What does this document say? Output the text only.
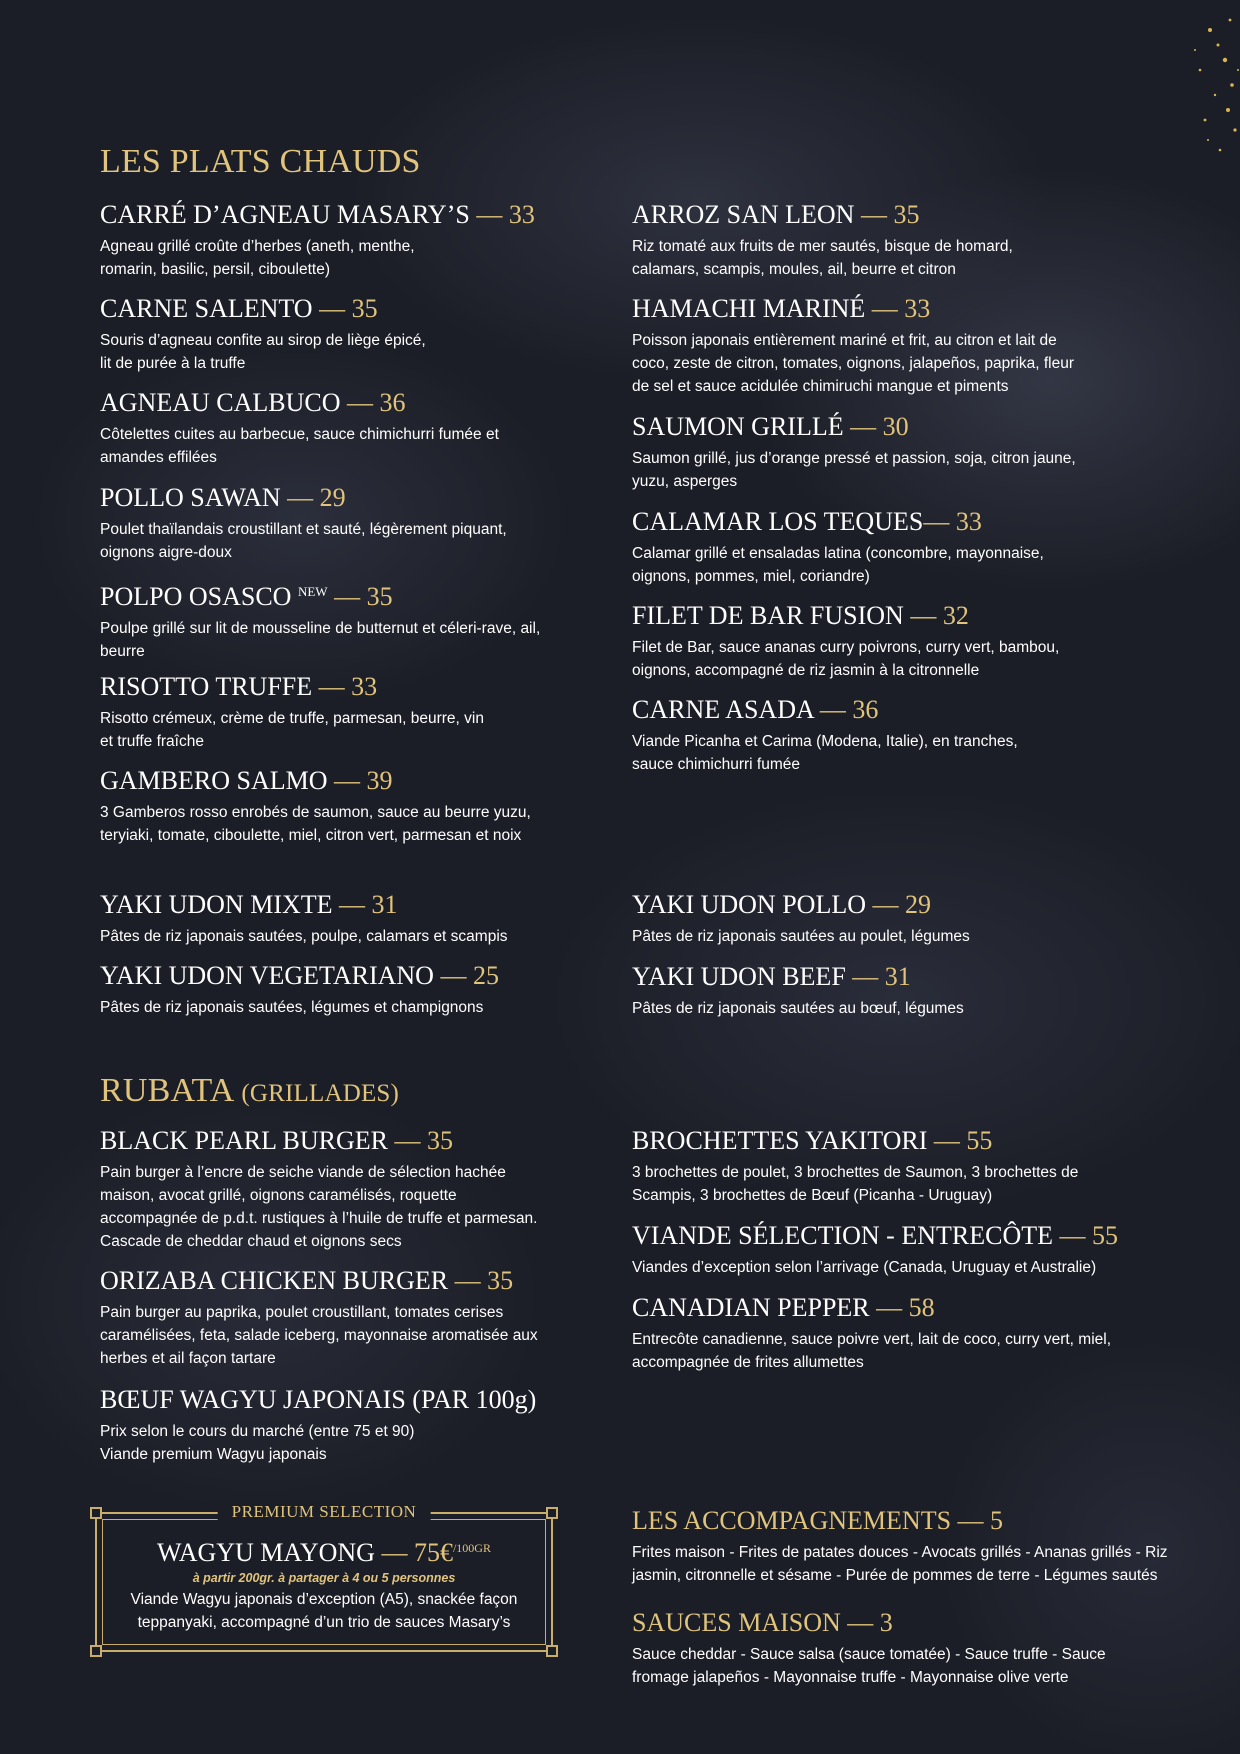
LES PLATS CHAUDS
RUBATA (GRILLADES)
CARRÉ D’AGNEAU MASARY’S — 33
Agneau grillé croûte d’herbes (aneth, menthe,
romarin, basilic, persil, ciboulette)
CARNE SALENTO — 35
Souris d’agneau confite au sirop de liège épicé,
lit de purée à la truffe
AGNEAU CALBUCO — 36
Côtelettes cuites au barbecue, sauce chimichurri fumée et
amandes effilées
POLLO SAWAN — 29
Poulet thaïlandais croustillant et sauté, légèrement piquant,
oignons aigre-doux
POLPO OSASCO $^{NEW}$ — 35
Poulpe grillé sur lit de mousseline de butternut et céleri-rave, ail,
beurre
RISOTTO TRUFFE — 33
Risotto crémeux, crème de truffe, parmesan, beurre, vin
et truffe fraîche
GAMBERO SALMO — 39
3 Gamberos rosso enrobés de saumon, sauce au beurre yuzu,
teryiaki, tomate, ciboulette, miel, citron vert, parmesan et noix
YAKI UDON MIXTE — 31
Pâtes de riz japonais sautées, poulpe, calamars et scampis
YAKI UDON VEGETARIANO — 25
Pâtes de riz japonais sautées, légumes et champignons
BLACK PEARL BURGER — 35
Pain burger à l’encre de seiche viande de sélection hachée
maison, avocat grillé, oignons caramélisés, roquette
accompagnée de p.d.t. rustiques à l’huile de truffe et parmesan.
Cascade de cheddar chaud et oignons secs
ORIZABA CHICKEN BURGER — 35
Pain burger au paprika, poulet croustillant, tomates cerises
caramélisées, feta, salade iceberg, mayonnaise aromatisée aux
herbes et ail façon tartare
BŒUF WAGYU JAPONAIS (PAR 100g)
Prix selon le cours du marché (entre 75 et 90)
Viande premium Wagyu japonais
ARROZ SAN LEON — 35
Riz tomaté aux fruits de mer sautés, bisque de homard,
calamars, scampis, moules, ail, beurre et citron
HAMACHI MARINÉ — 33
Poisson japonais entièrement mariné et frit, au citron et lait de
coco, zeste de citron, tomates, oignons, jalapeños, paprika, fleur
de sel et sauce acidulée chimiruchi mangue et piments
SAUMON GRILLÉ — 30
Saumon grillé, jus d’orange pressé et passion, soja, citron jaune,
yuzu, asperges
CALAMAR LOS TEQUES— 33
Calamar grillé et ensaladas latina (concombre, mayonnaise,
oignons, pommes, miel, coriandre)
FILET DE BAR FUSION — 32
Filet de Bar, sauce ananas curry poivrons, curry vert, bambou,
oignons, accompagné de riz jasmin à la citronnelle
CARNE ASADA — 36
Viande Picanha et Carima (Modena, Italie), en tranches,
sauce chimichurri fumée
YAKI UDON POLLO — 29
Pâtes de riz japonais sautées au poulet, légumes
YAKI UDON BEEF — 31
Pâtes de riz japonais sautées au bœuf, légumes
BROCHETTES YAKITORI — 55
3 brochettes de poulet, 3 brochettes de Saumon, 3 brochettes de
Scampis, 3 brochettes de Bœuf (Picanha - Uruguay)
VIANDE SÉLECTION - ENTRECÔTE — 55
Viandes d’exception selon l’arrivage (Canada, Uruguay et Australie)
CANADIAN PEPPER — 58
Entrecôte canadienne, sauce poivre vert, lait de coco, curry vert, miel,
accompagnée de frites allumettes
LES ACCOMPAGNEMENTS — 5
Frites maison - Frites de patates douces - Avocats grillés - Ananas grillés - Riz
jasmin, citronnelle et sésame - Purée de pommes de terre - Légumes sautés
SAUCES MAISON — 3
Sauce cheddar - Sauce salsa (sauce tomatée) - Sauce truffe - Sauce
fromage jalapeños - Mayonnaise truffe - Mayonnaise olive verte
PREMIUM SELECTION
WAGYU MAYONG — 75€$^{/100GR}$
à partir 200gr. à partager à 4 ou 5 personnes
Viande Wagyu japonais d’exception (A5), snackée façon
teppanyaki, accompagné d’un trio de sauces Masary’s
